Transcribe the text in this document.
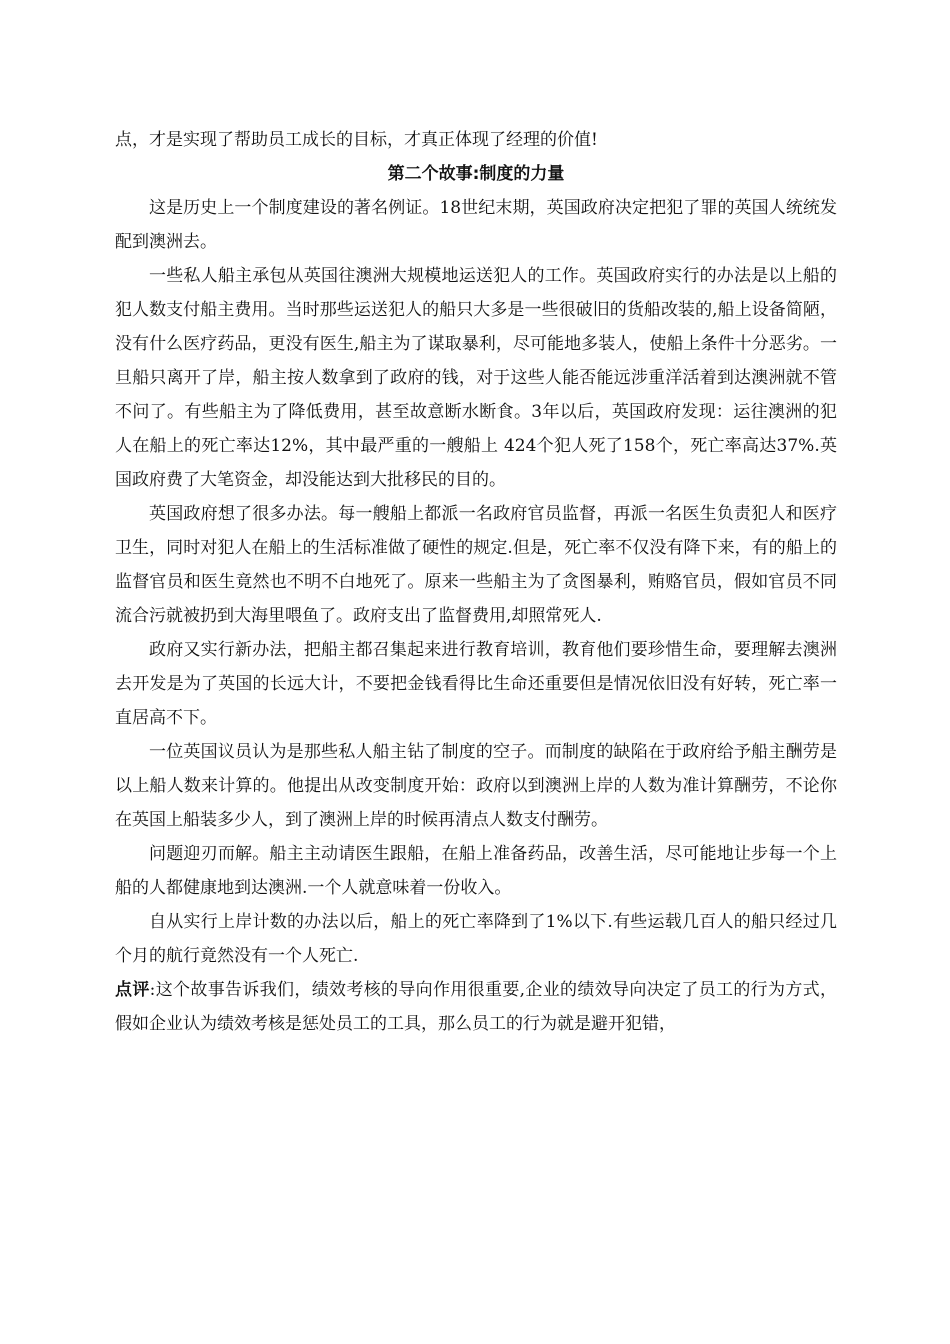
点，才是实现了帮助员工成长的目标，才真正体现了经理的价值!

第二个故事:制度的力量

这是历史上一个制度建设的著名例证。18世纪末期，英国政府决定把犯了罪的英国人统统发配到澳洲去。

一些私人船主承包从英国往澳洲大规模地运送犯人的工作。英国政府实行的办法是以上船的犯人数支付船主费用。当时那些运送犯人的船只大多是一些很破旧的货船改装的,船上设备简陋，没有什么医疗药品，更没有医生,船主为了谋取暴利，尽可能地多装人，使船上条件十分恶劣。一旦船只离开了岸，船主按人数拿到了政府的钱，对于这些人能否能远涉重洋活着到达澳洲就不管不问了。有些船主为了降低费用，甚至故意断水断食。3年以后，英国政府发现：运往澳洲的犯人在船上的死亡率达12%，其中最严重的一艘船上 424个犯人死了158个，死亡率高达37%.英国政府费了大笔资金，却没能达到大批移民的目的。

英国政府想了很多办法。每一艘船上都派一名政府官员监督，再派一名医生负责犯人和医疗卫生，同时对犯人在船上的生活标准做了硬性的规定.但是，死亡率不仅没有降下来，有的船上的监督官员和医生竟然也不明不白地死了。原来一些船主为了贪图暴利，贿赂官员，假如官员不同流合污就被扔到大海里喂鱼了。政府支出了监督费用,却照常死人.

政府又实行新办法，把船主都召集起来进行教育培训，教育他们要珍惜生命，要理解去澳洲去开发是为了英国的长远大计，不要把金钱看得比生命还重要但是情况依旧没有好转，死亡率一直居高不下。

一位英国议员认为是那些私人船主钻了制度的空子。而制度的缺陷在于政府给予船主酬劳是以上船人数来计算的。他提出从改变制度开始：政府以到澳洲上岸的人数为准计算酬劳，不论你在英国上船装多少人，到了澳洲上岸的时候再清点人数支付酬劳。

问题迎刃而解。船主主动请医生跟船，在船上准备药品，改善生活，尽可能地让步每一个上船的人都健康地到达澳洲.一个人就意味着一份收入。

自从实行上岸计数的办法以后，船上的死亡率降到了1%以下.有些运载几百人的船只经过几个月的航行竟然没有一个人死亡.

点评:这个故事告诉我们，绩效考核的导向作用很重要,企业的绩效导向决定了员工的行为方式，假如企业认为绩效考核是惩处员工的工具，那么员工的行为就是避开犯错，
